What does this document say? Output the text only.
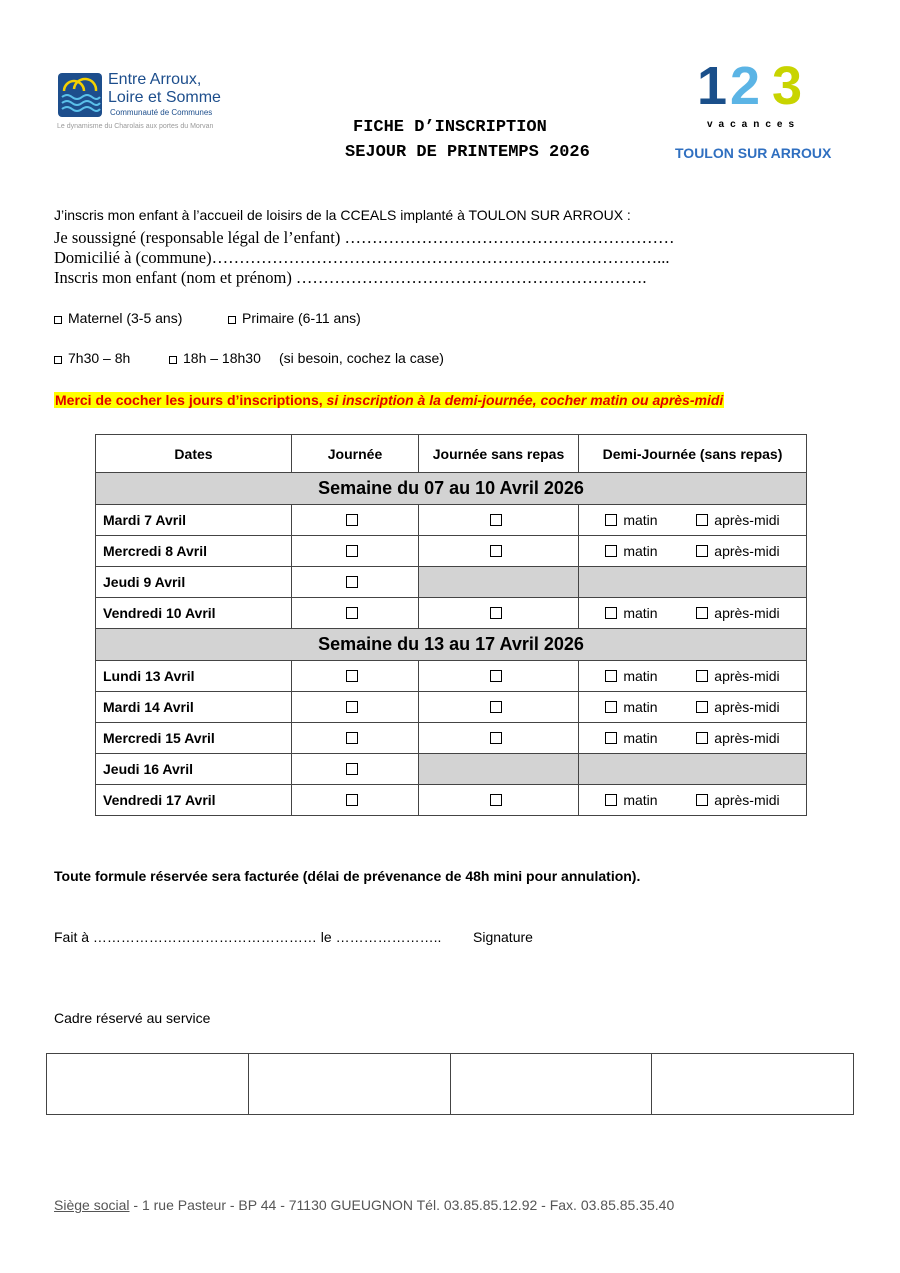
Entre Arroux,
Loire et Somme
Communauté de Communes
Le dynamisme du Charolais aux portes du Morvan	FICHE D’INSCRIPTION
SEJOUR DE PRINTEMPS 2026
1 2 3
vacances
TOULON SUR ARROUX
J’inscris mon enfant à l’accueil de loisirs de la CCEALS implanté à TOULON SUR ARROUX :
Je soussigné (responsable légal de l’enfant) ……………………………………………………
Domicilié à (commune)………………………………………………………………………...
Inscris mon enfant (nom et prénom) ……………………………………………………….
Maternel (3-5 ans)	Primaire (6-11 ans)
7h30 – 8h	18h – 18h30 (si besoin, cochez la case)
Merci de cocher les jours d’inscriptions, si inscription à la demi-journée, cocher matin ou après-midi
Dates	Journée	Journée sans repas	Demi-Journée (sans repas)
Semaine du 07 au 10 Avril 2026			
Mardi 7 Avril			matin après-midi

Mercredi 8 Avril			matin après-midi

Jeudi 9 Avril			
Vendredi 10 Avril			matin après-midi

Semaine du 13 au 17 Avril 2026			
Lundi 13 Avril			matin après-midi

Mardi 14 Avril			matin après-midi

Mercredi 15 Avril			matin après-midi

Jeudi 16 Avril			
Vendredi 17 Avril			matin après-midi
Toute formule réservée sera facturée (délai de prévenance de 48h mini pour annulation).
Fait à ………………………………………… le ………………….. Signature
Cadre réservé au service

Siège social - 1 rue Pasteur - BP 44 - 71130 GUEUGNON Tél. 03.85.85.12.92 - Fax. 03.85.85.35.40
